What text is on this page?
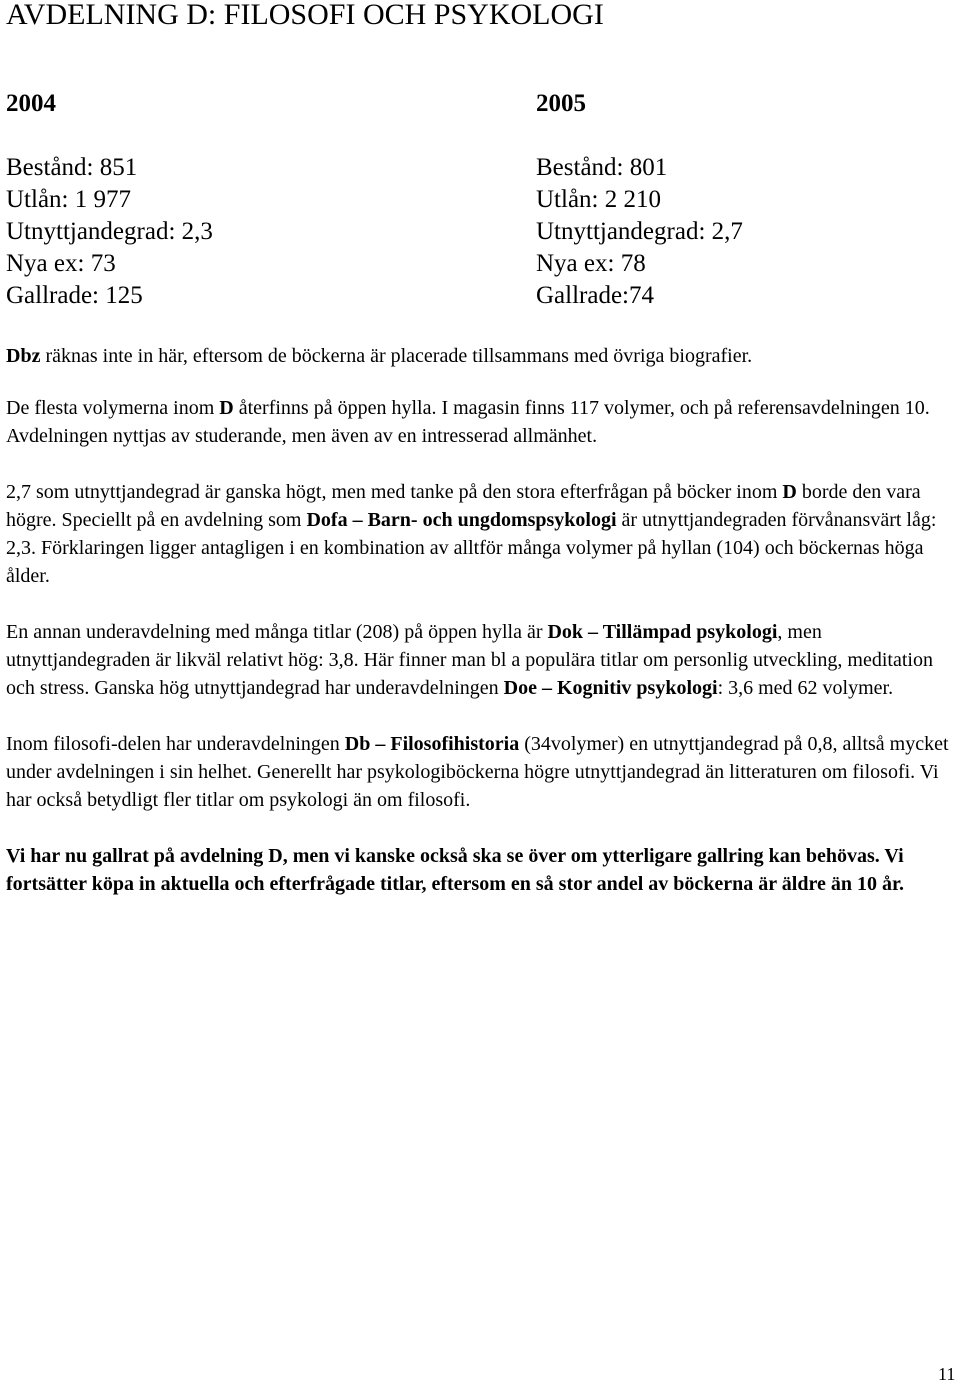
AVDELNING D: FILOSOFI OCH PSYKOLOGI
2004
Bestånd: 851
Utlån: 1 977
Utnyttjandegrad: 2,3
Nya ex: 73
Gallrade: 125
2005
Bestånd: 801
Utlån: 2 210
Utnyttjandegrad: 2,7
Nya ex: 78
Gallrade:74

Dbz räknas inte in här, eftersom de böckerna är placerade tillsammans med övriga biografier.

De flesta volymerna inom D återfinns på öppen hylla. I magasin finns 117 volymer, och på referensavdelningen 10. Avdelningen nyttjas av studerande, men även av en intresserad allmänhet.

2,7 som utnyttjandegrad är ganska högt, men med tanke på den stora efterfrågan på böcker inom D borde den vara högre. Speciellt på en avdelning som Dofa – Barn- och ungdomspsykologi är utnyttjandegraden förvånansvärt låg: 2,3. Förklaringen ligger antagligen i en kombination av alltför många volymer på hyllan (104) och böckernas höga ålder.

En annan underavdelning med många titlar (208) på öppen hylla är Dok – Tillämpad psykologi, men utnyttjandegraden är likväl relativt hög: 3,8. Här finner man bl a populära titlar om personlig utveckling, meditation och stress. Ganska hög utnyttjandegrad har underavdelningen Doe – Kognitiv psykologi: 3,6 med 62 volymer.

Inom filosofi-delen har underavdelningen Db – Filosofihistoria (34volymer) en utnyttjandegrad på 0,8, alltså mycket under avdelningen i sin helhet. Generellt har psykologiböckerna högre utnyttjandegrad än litteraturen om filosofi. Vi har också betydligt fler titlar om psykologi än om filosofi.

Vi har nu gallrat på avdelning D, men vi kanske också ska se över om ytterligare gallring kan behövas. Vi fortsätter köpa in aktuella och efterfrågade titlar, eftersom en så stor andel av böckerna är äldre än 10 år.

11
